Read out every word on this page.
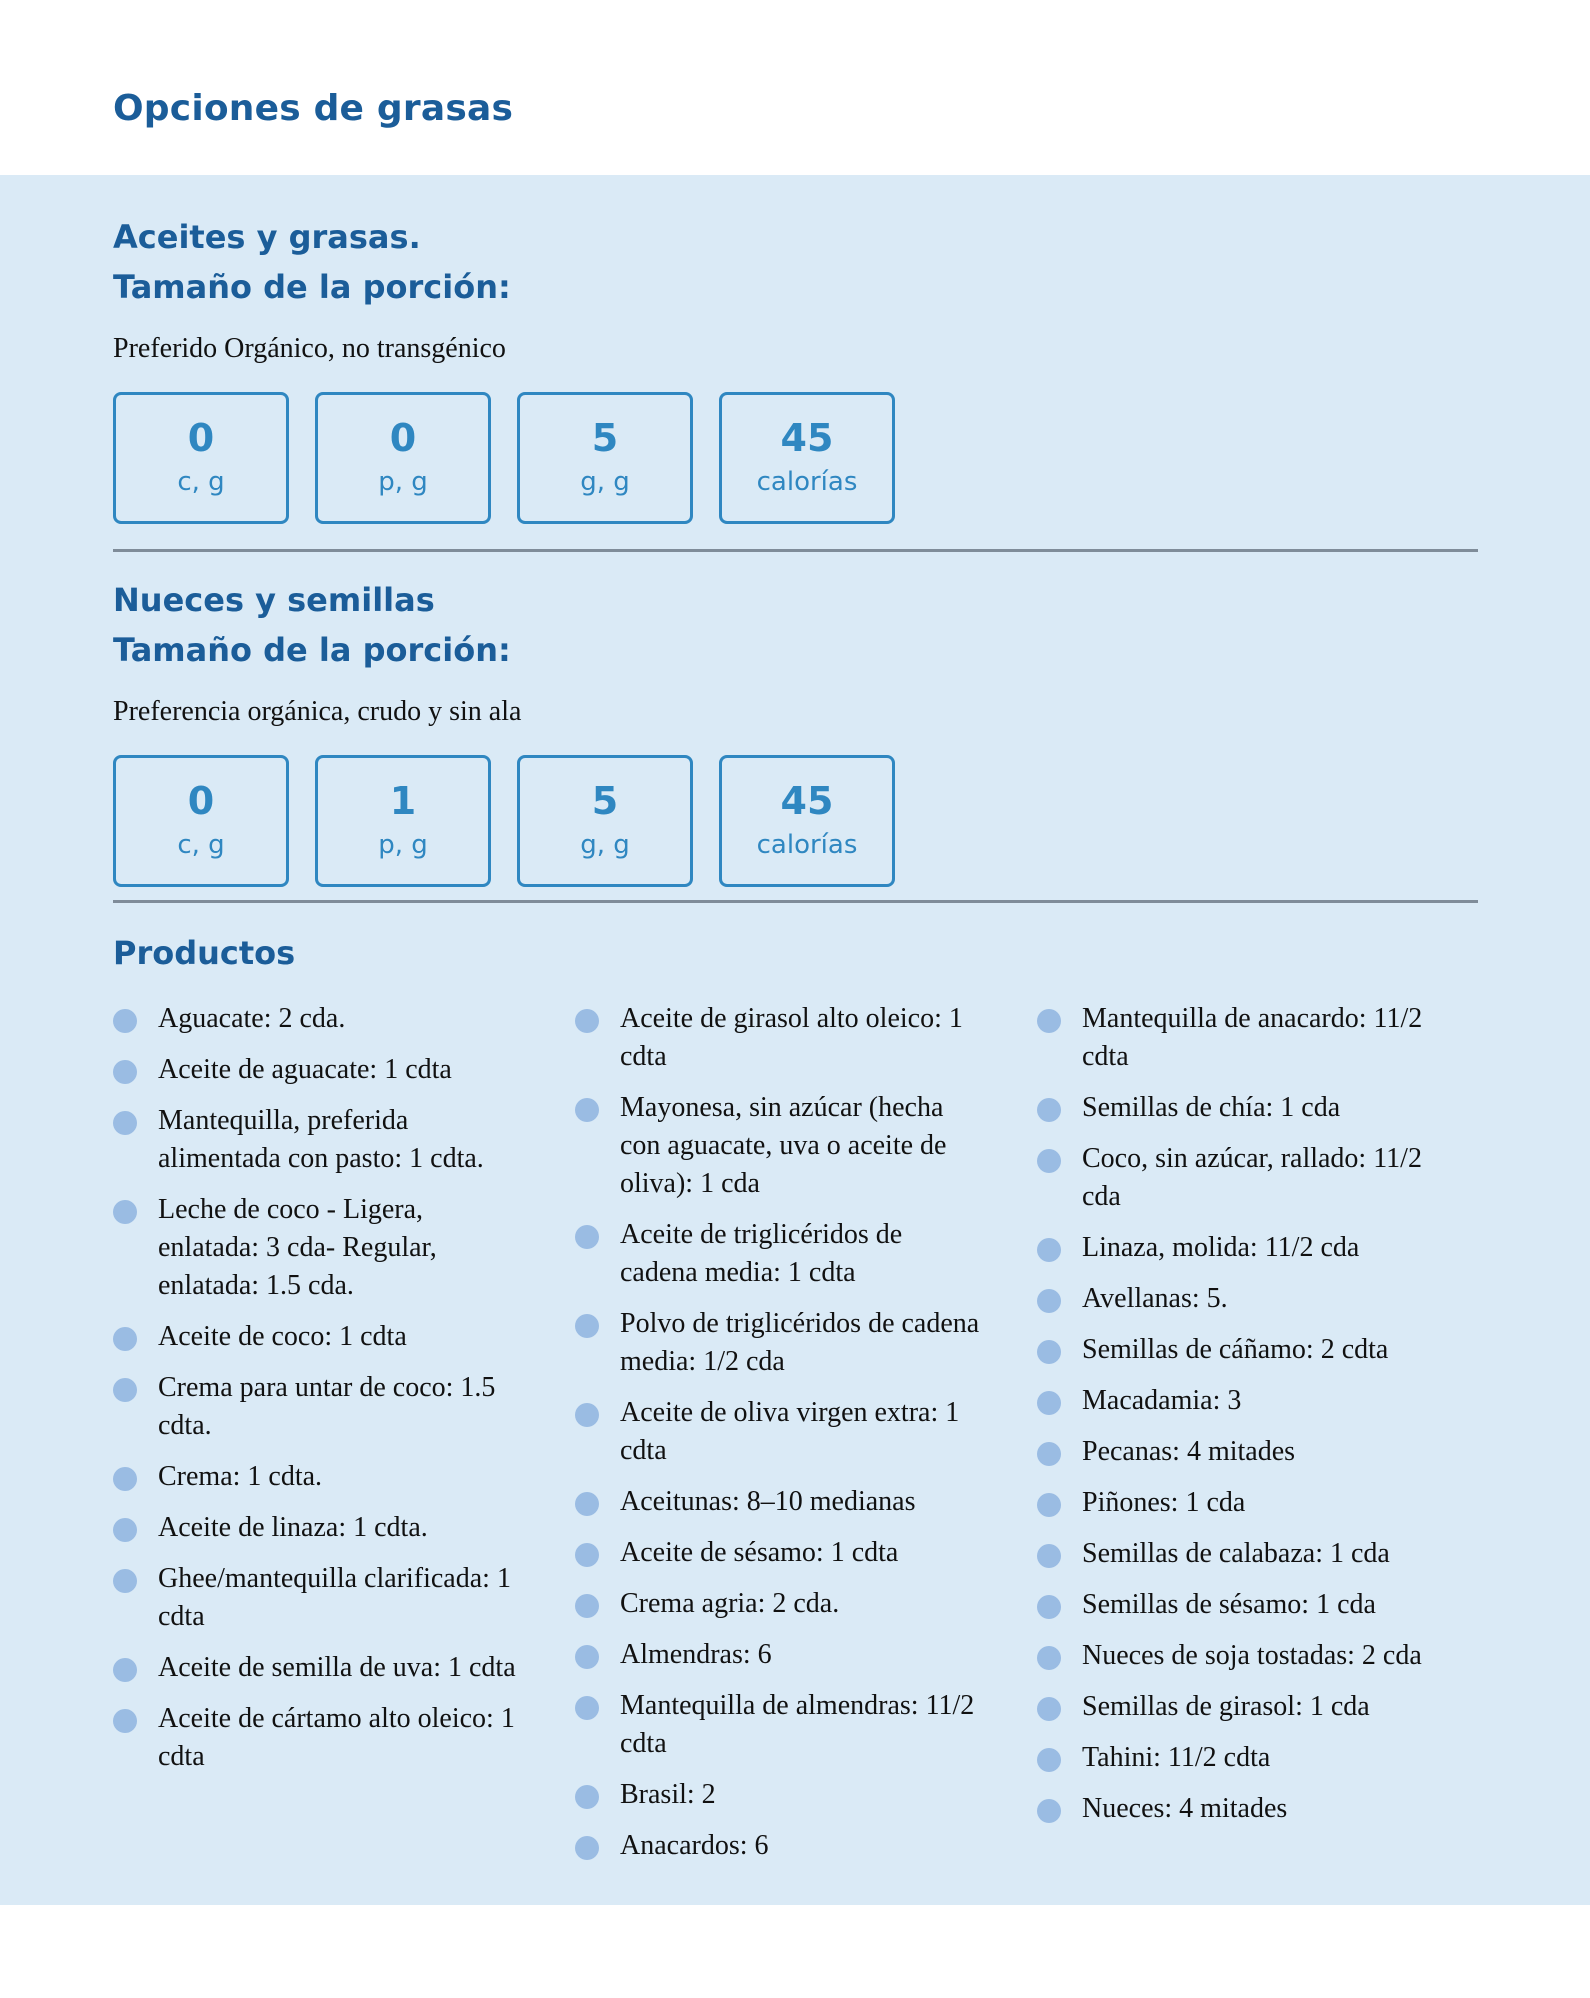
Opciones de grasas
Aceites y grasas.
Tamaño de la porción:
Preferido Orgánico, no transgénico
0
c, g
0
p, g
5
g, g
45
calorías
Nueces y semillas
Tamaño de la porción:
Preferencia orgánica, crudo y sin ala
0
c, g
1
p, g
5
g, g
45
calorías
Productos
Aguacate: 2 cda.
Aceite de aguacate: 1 cdta
Mantequilla, preferida alimentada con pasto: 1 cdta.
Leche de coco - Ligera, enlatada: 3 cda- Regular, enlatada: 1.5 cda.
Aceite de coco: 1 cdta
Crema para untar de coco: 1.5 cdta.
Crema: 1 cdta.
Aceite de linaza: 1 cdta.
Ghee/mantequilla clarificada: 1 cdta
Aceite de semilla de uva: 1 cdta
Aceite de cártamo alto oleico: 1 cdta
Aceite de girasol alto oleico: 1 cdta
Mayonesa, sin azúcar (hecha con aguacate, uva o aceite de oliva): 1 cda
Aceite de triglicéridos de cadena media: 1 cdta
Polvo de triglicéridos de cadena media: 1/2 cda
Aceite de oliva virgen extra: 1 cdta
Aceitunas: 8–10 medianas
Aceite de sésamo: 1 cdta
Crema agria: 2 cda.
Almendras: 6
Mantequilla de almendras: 11/2 cdta
Brasil: 2
Anacardos: 6
Mantequilla de anacardo: 11/2 cdta
Semillas de chía: 1 cda
Coco, sin azúcar, rallado: 11/2 cda
Linaza, molida: 11/2 cda
Avellanas: 5.
Semillas de cáñamo: 2 cdta
Macadamia: 3
Pecanas: 4 mitades
Piñones: 1 cda
Semillas de calabaza: 1 cda
Semillas de sésamo: 1 cda
Nueces de soja tostadas: 2 cda
Semillas de girasol: 1 cda
Tahini: 11/2 cdta
Nueces: 4 mitades
